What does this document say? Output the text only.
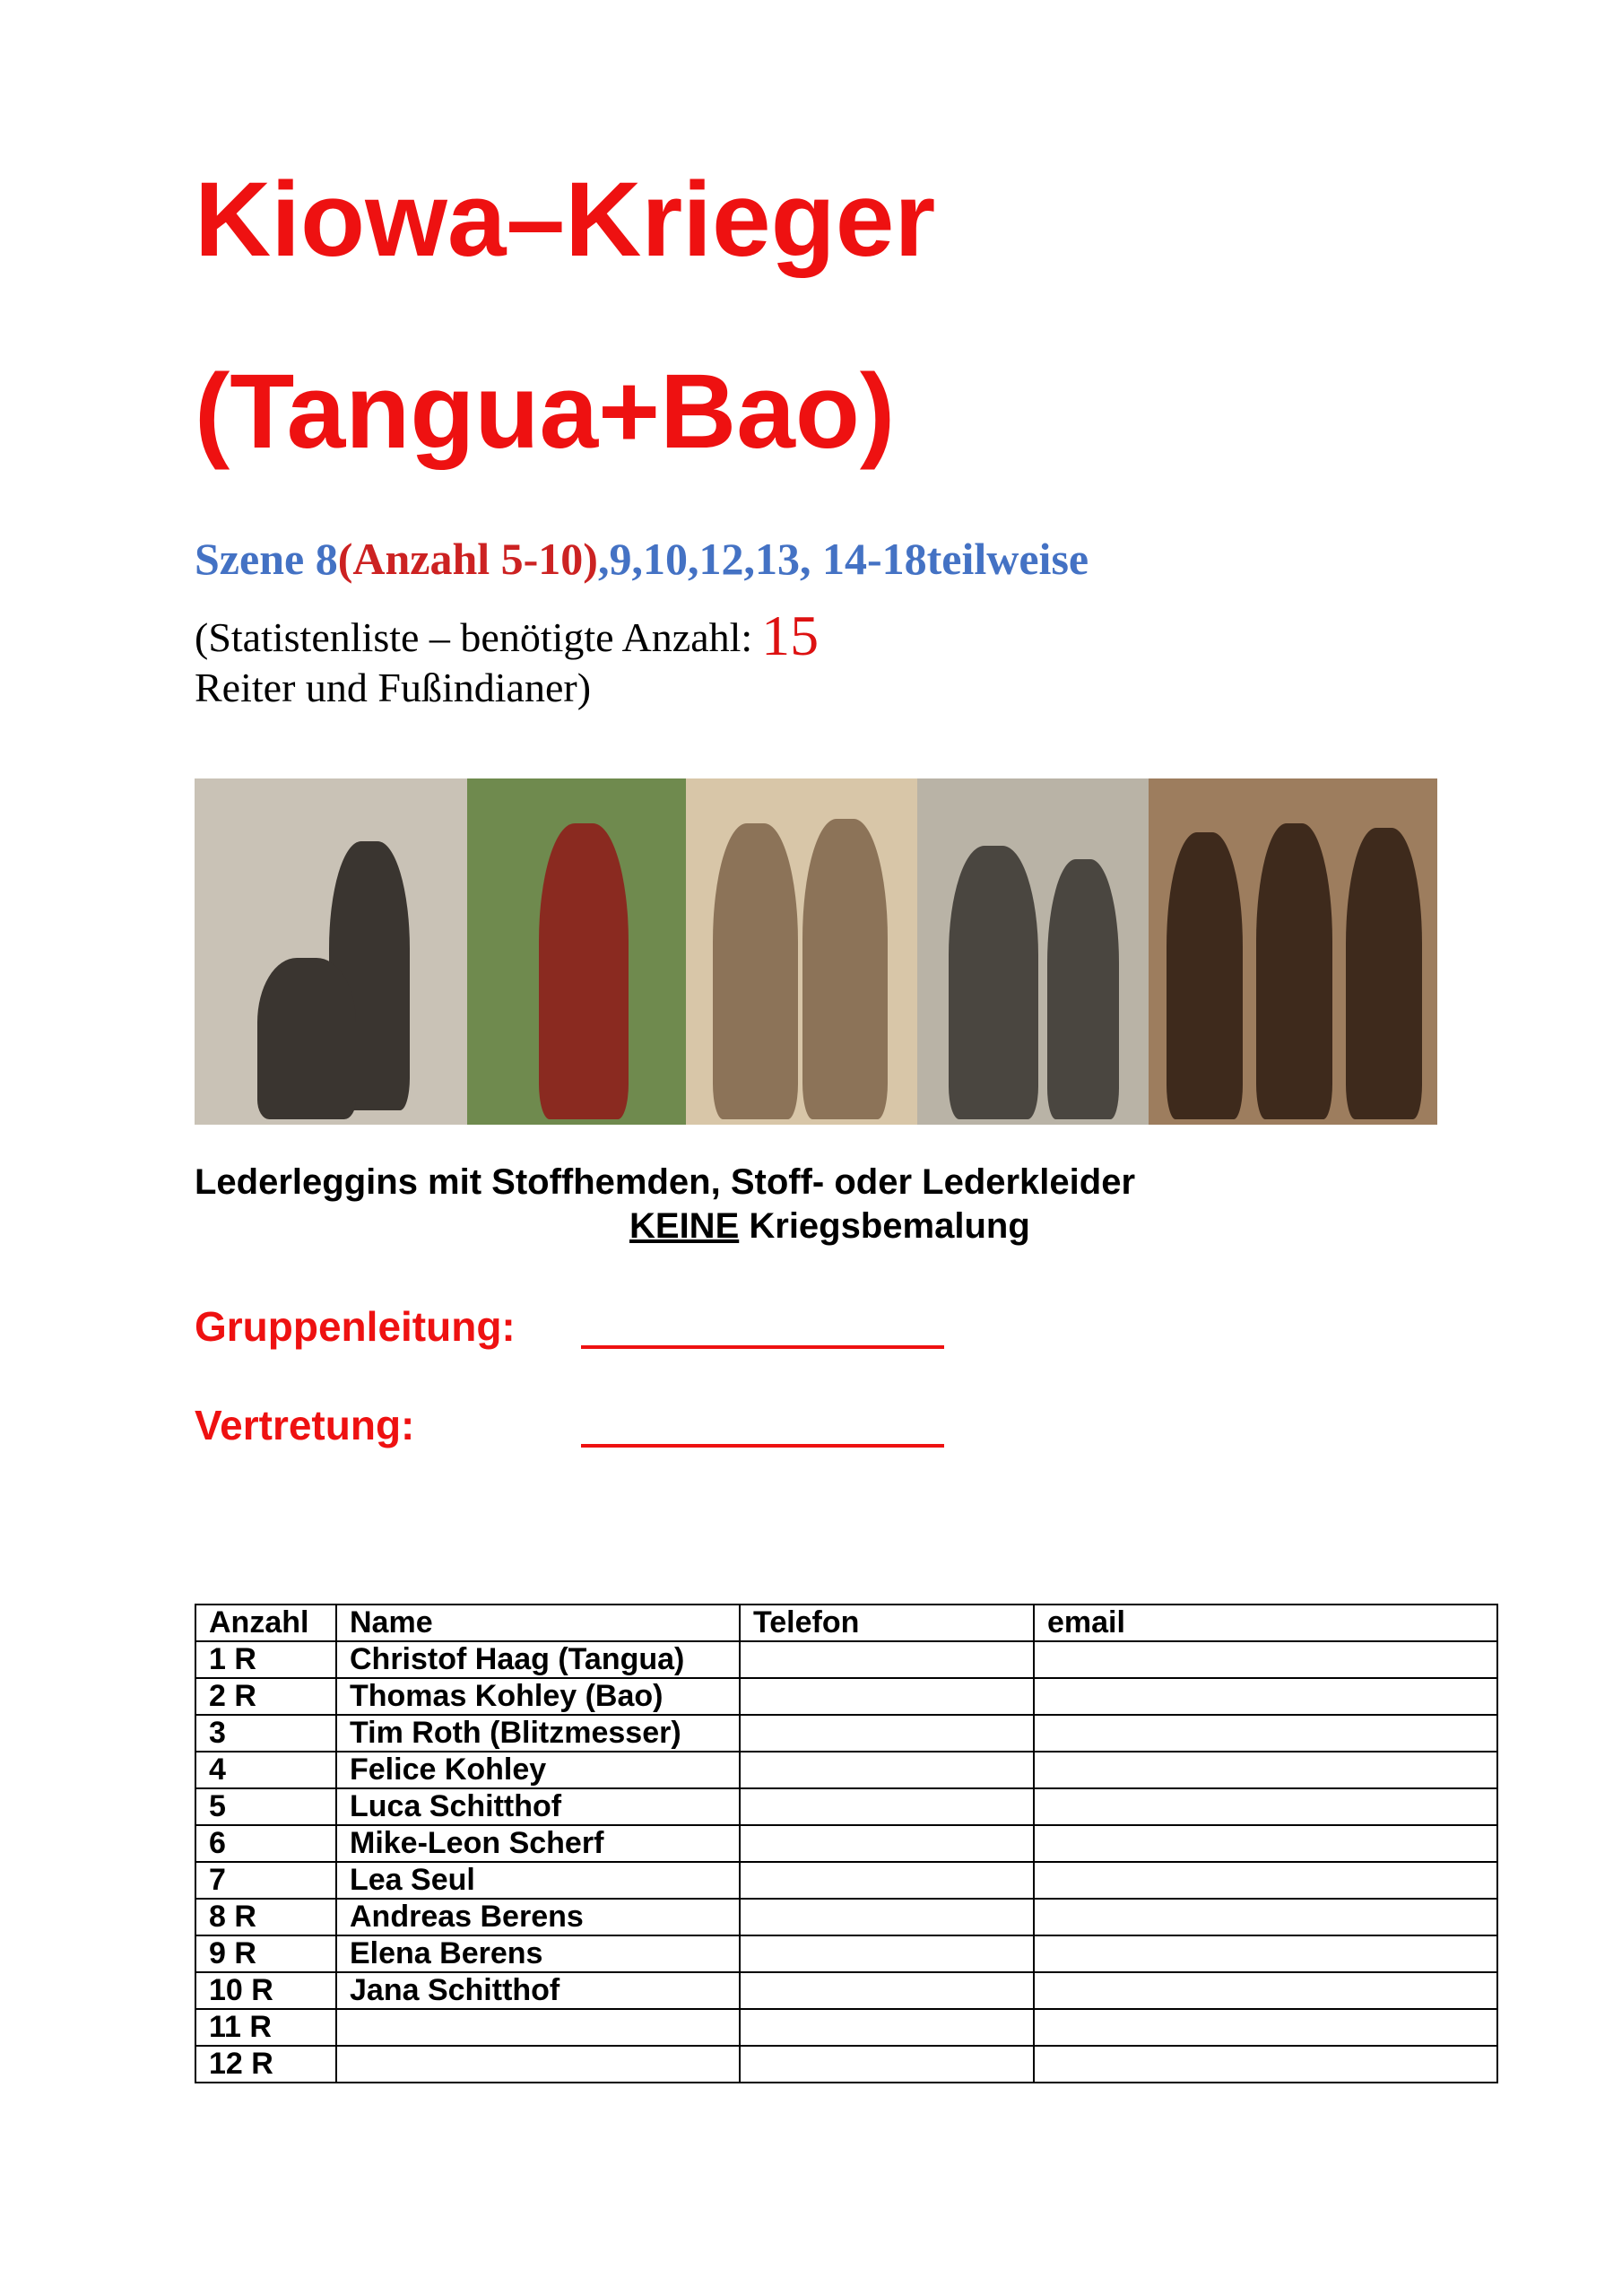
Kiowa–Krieger
(Tangua+Bao)
Szene 8(Anzahl 5-10),9,10,12,13, 14-18teilweise
(Statistenliste – benötigte Anzahl: 15
Reiter und Fußindianer)
Lederleggins mit Stoffhemden, Stoff- oder Lederkleider
KEINE Kriegsbemalung
Gruppenleitung:
Vertretung:
Anzahl	Name	Telefon	email
1 R	Christof Haag (Tangua)		
2 R	Thomas Kohley (Bao)		
3	Tim Roth (Blitzmesser)		
4	Felice Kohley		
5	Luca Schitthof		
6	Mike-Leon Scherf		
7	Lea Seul		
8 R	Andreas Berens		
9 R	Elena Berens		
10 R	Jana Schitthof		
11 R			
12 R			
